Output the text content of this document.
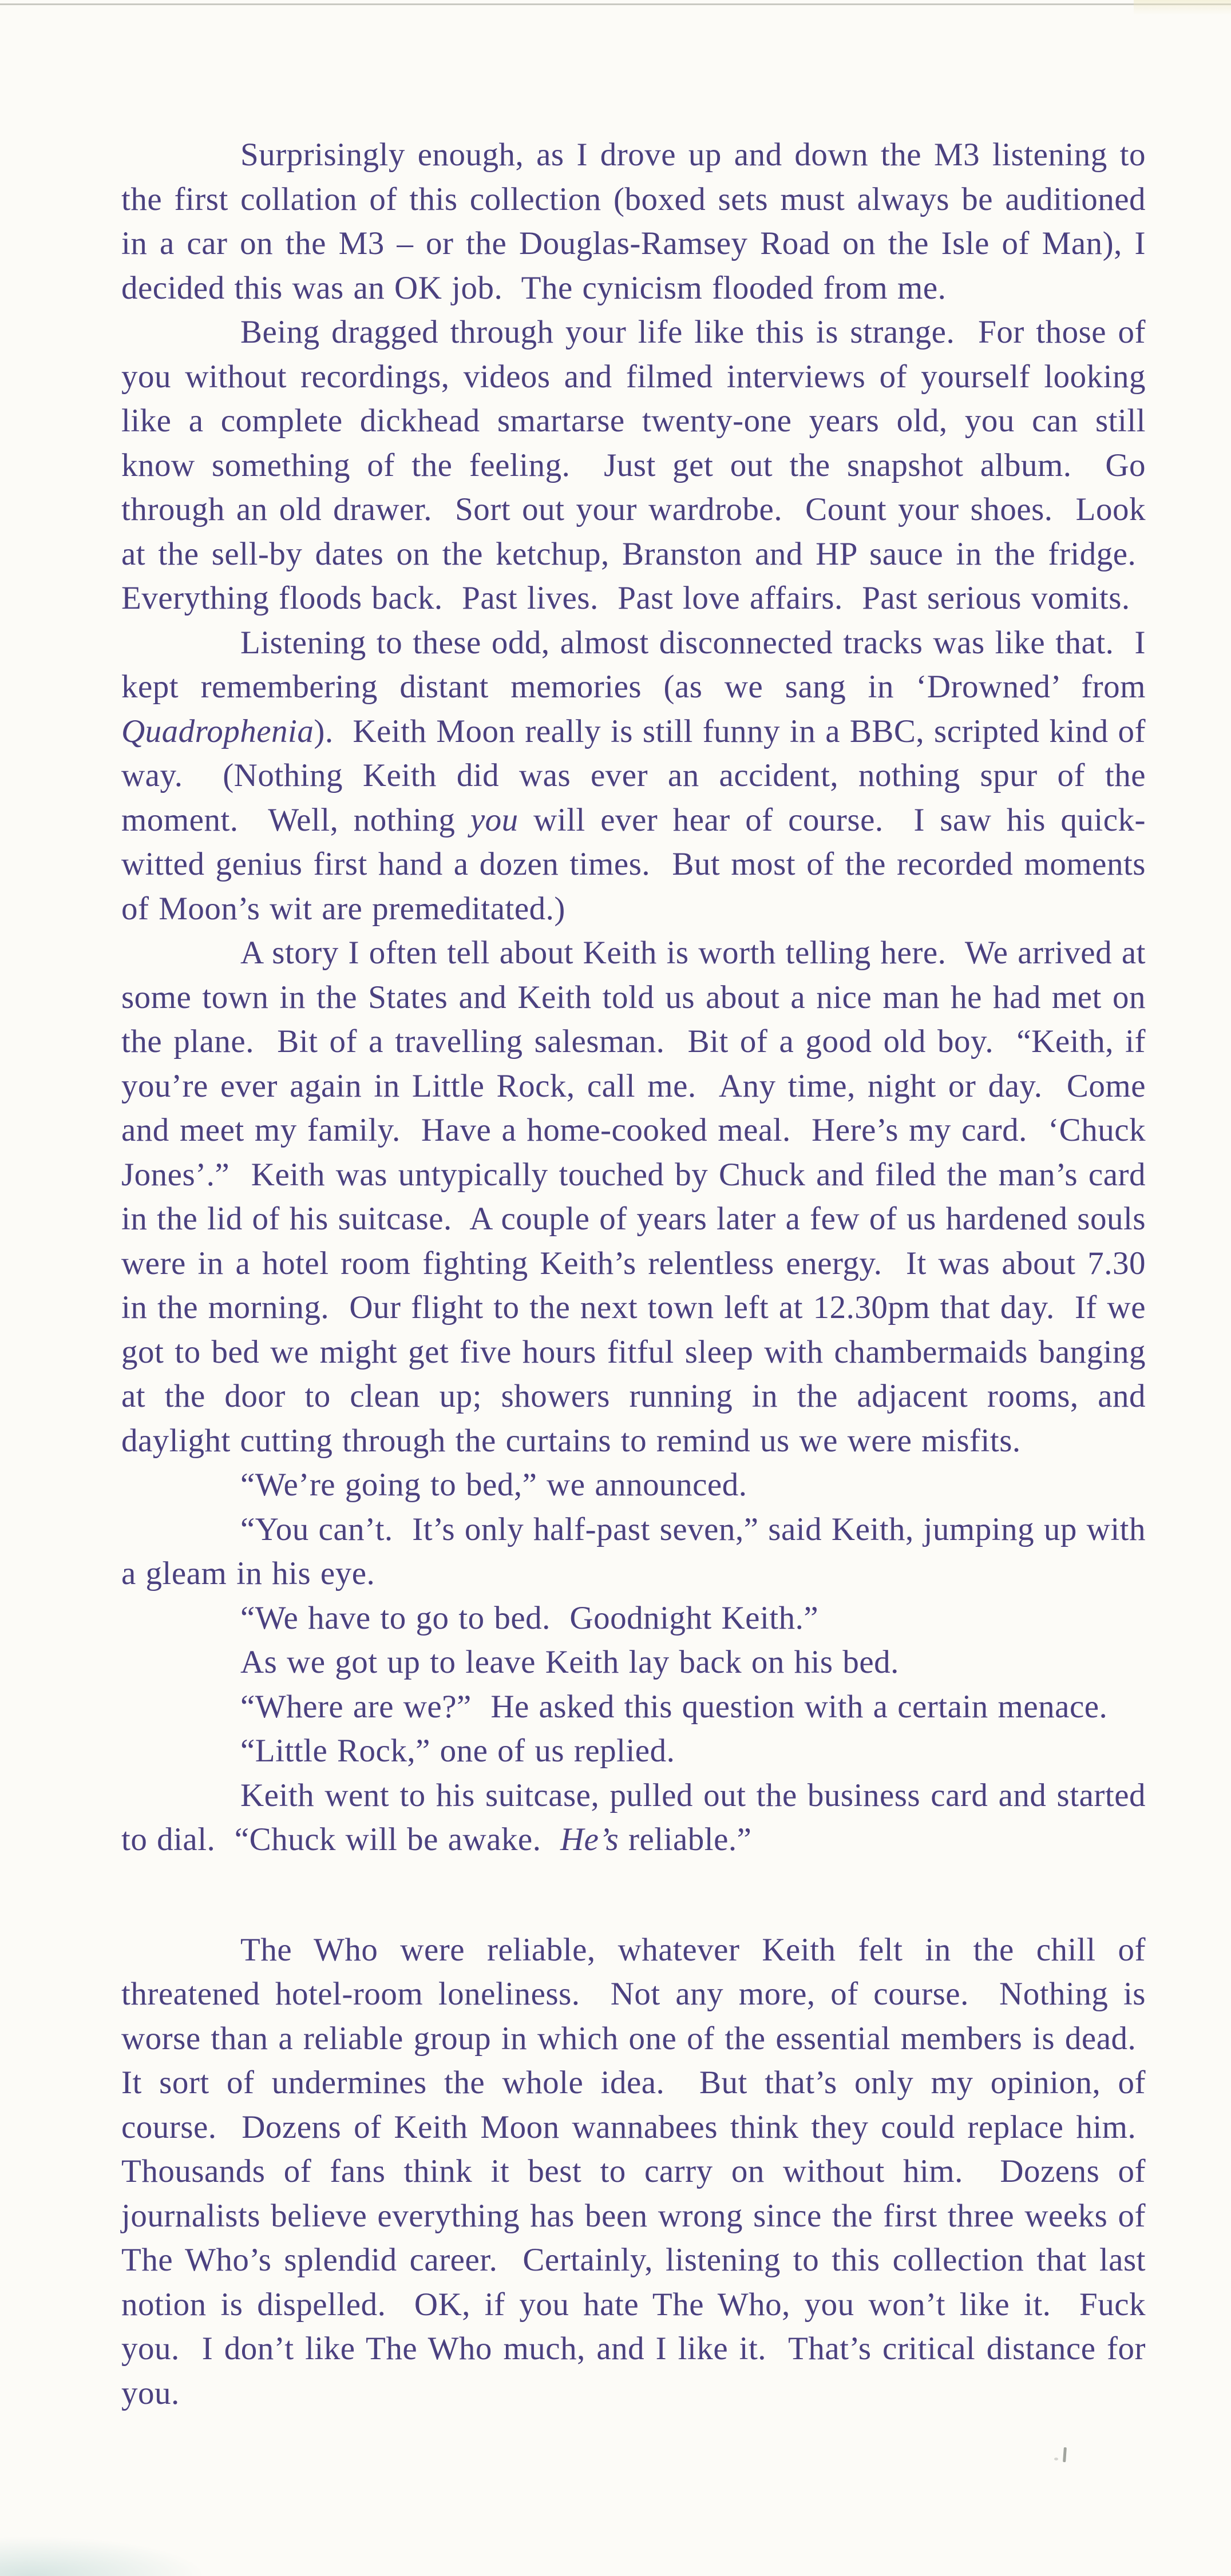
Surprisingly enough, as I drove up and down the M3 listening to the first collation of this collection (boxed sets must always be auditioned in a car on the M3 – or the Douglas-Ramsey Road on the Isle of Man), I decided this was an OK job.  The cynicism flooded from me.

Being dragged through your life like this is strange.  For those of you without recordings, videos and filmed interviews of yourself looking like a complete dickhead smartarse twenty-one years old, you can still know something of the feeling.  Just get out the snapshot album.  Go through an old drawer.  Sort out your wardrobe.  Count your shoes.  Look at the sell-by dates on the ketchup, Branston and HP sauce in the fridge.  Everything floods back.  Past lives.  Past love affairs.  Past serious vomits.

Listening to these odd, almost disconnected tracks was like that.  I kept remembering distant memories (as we sang in ‘Drowned’ from Quadrophenia).  Keith Moon really is still funny in a BBC, scripted kind of way.  (Nothing Keith did was ever an accident, nothing spur of the moment.  Well, nothing you will ever hear of course.  I saw his quick-witted genius first hand a dozen times.  But most of the recorded moments of Moon’s wit are premeditated.)

A story I often tell about Keith is worth telling here.  We arrived at some town in the States and Keith told us about a nice man he had met on the plane.  Bit of a travelling salesman.  Bit of a good old boy.  “Keith, if you’re ever again in Little Rock, call me.  Any time, night or day.  Come and meet my family.  Have a home-cooked meal.  Here’s my card.  ‘Chuck Jones’.”  Keith was untypically touched by Chuck and filed the man’s card in the lid of his suitcase.  A couple of years later a few of us hardened souls were in a hotel room fighting Keith’s relentless energy.  It was about 7.30 in the morning.  Our flight to the next town left at 12.30pm that day.  If we got to bed we might get five hours fitful sleep with chambermaids banging at the door to clean up; showers running in the adjacent rooms, and daylight cutting through the curtains to remind us we were misfits.

“We’re going to bed,” we announced.

“You can’t.  It’s only half-past seven,” said Keith, jumping up with a gleam in his eye.

“We have to go to bed.  Goodnight Keith.”

As we got up to leave Keith lay back on his bed.

“Where are we?”  He asked this question with a certain menace.

“Little Rock,” one of us replied.

Keith went to his suitcase, pulled out the business card and started to dial.  “Chuck will be awake.  He’s reliable.”

The Who were reliable, whatever Keith felt in the chill of threatened hotel-room loneliness.  Not any more, of course.  Nothing is worse than a reliable group in which one of the essential members is dead.  It sort of undermines the whole idea.  But that’s only my opinion, of course.  Dozens of Keith Moon wannabees think they could replace him.  Thousands of fans think it best to carry on without him.  Dozens of journalists believe everything has been wrong since the first three weeks of The Who’s splendid career.  Certainly, listening to this collection that last notion is dispelled.  OK, if you hate The Who, you won’t like it.  Fuck you.  I don’t like The Who much, and I like it.  That’s critical distance for you.
